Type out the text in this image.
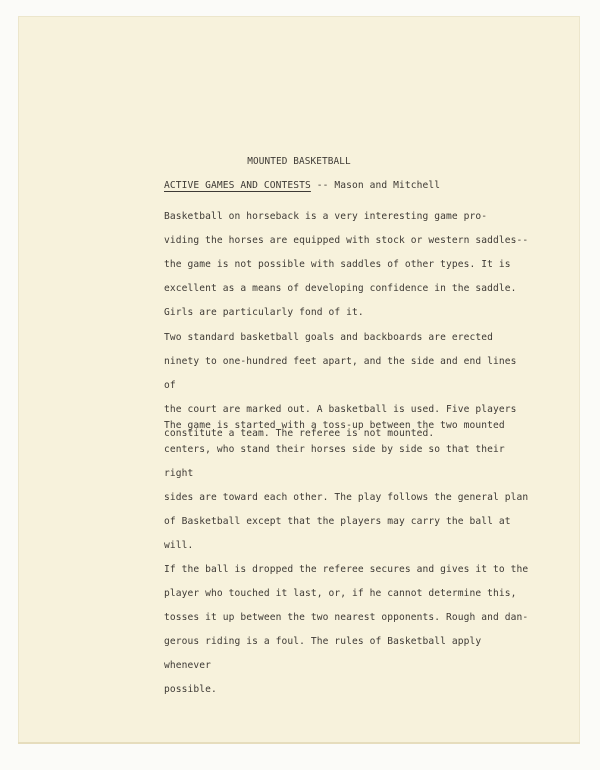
MOUNTED BASKETBALL
ACTIVE GAMES AND CONTESTS -- Mason and Mitchell
Basketball on horseback is a very interesting game pro-
viding the horses are equipped with stock or western saddles--
the game is not possible with saddles of other types. It is
excellent as a means of developing confidence in the saddle.
Girls are particularly fond of it.
Two standard basketball goals and backboards are erected
ninety to one-hundred feet apart, and the side and end lines of
the court are marked out. A basketball is used. Five players
constitute a team. The referee is not mounted.
The game is started with a toss-up between the two mounted
centers, who stand their horses side by side so that their right
sides are toward each other. The play follows the general plan
of Basketball except that the players may carry the ball at will.
If the ball is dropped the referee secures and gives it to the
player who touched it last, or, if he cannot determine this,
tosses it up between the two nearest opponents. Rough and dan-
gerous riding is a foul. The rules of Basketball apply whenever
possible.
